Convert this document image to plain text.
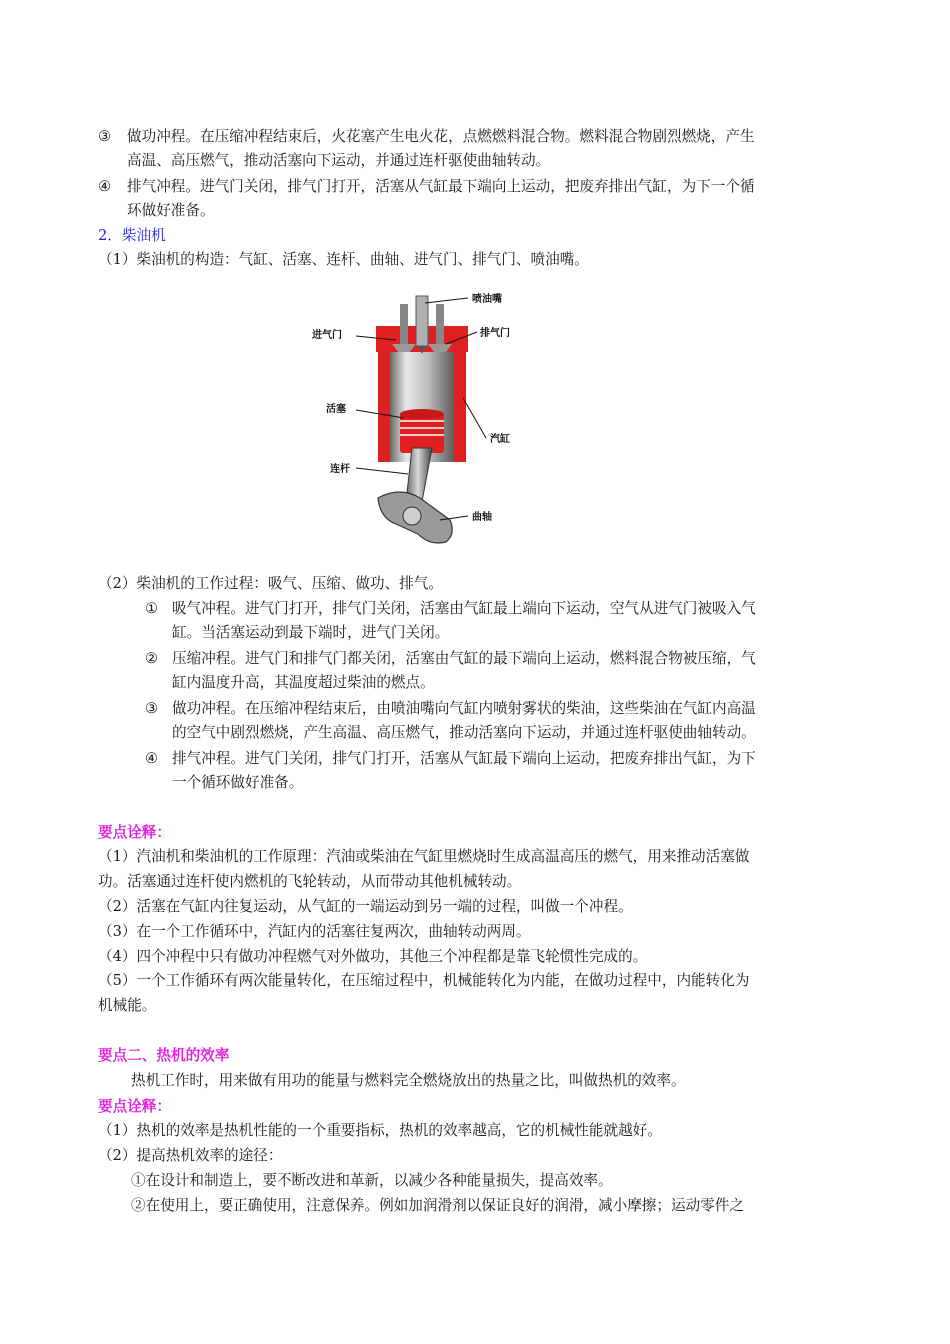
③ 做功冲程。在压缩冲程结束后，火花塞产生电火花，点燃燃料混合物。燃料混合物剧烈燃烧，产生
高温、高压燃气，推动活塞向下运动，并通过连杆驱使曲轴转动。
④ 排气冲程。进气门关闭，排气门打开，活塞从气缸最下端向上运动，把废弃排出气缸，为下一个循
环做好准备。
2．柴油机
（1）柴油机的构造：气缸、活塞、连杆、曲轴、进气门、排气门、喷油嘴。
喷油嘴
进气门	排气门
活塞
汽缸
连杆
曲轴
（2）柴油机的工作过程：吸气、压缩、做功、排气。
① 吸气冲程。进气门打开，排气门关闭，活塞由气缸最上端向下运动，空气从进气门被吸入气
缸。当活塞运动到最下端时，进气门关闭。
② 压缩冲程。进气门和排气门都关闭，活塞由气缸的最下端向上运动，燃料混合物被压缩，气
缸内温度升高，其温度超过柴油的燃点。
③ 做功冲程。在压缩冲程结束后，由喷油嘴向气缸内喷射雾状的柴油，这些柴油在气缸内高温
的空气中剧烈燃烧，产生高温、高压燃气，推动活塞向下运动，并通过连杆驱使曲轴转动。
④ 排气冲程。进气门关闭，排气门打开，活塞从气缸最下端向上运动，把废弃排出气缸，为下
一个循环做好准备。
要点诠释：
（1）汽油机和柴油机的工作原理：汽油或柴油在气缸里燃烧时生成高温高压的燃气，用来推动活塞做
功。活塞通过连杆使内燃机的飞轮转动，从而带动其他机械转动。
（2）活塞在气缸内往复运动，从气缸的一端运动到另一端的过程，叫做一个冲程。
（3）在一个工作循环中，汽缸内的活塞往复两次，曲轴转动两周。
（4）四个冲程中只有做功冲程燃气对外做功，其他三个冲程都是靠飞轮惯性完成的。
（5）一个工作循环有两次能量转化，在压缩过程中，机械能转化为内能，在做功过程中，内能转化为
机械能。
要点二、热机的效率
热机工作时，用来做有用功的能量与燃料完全燃烧放出的热量之比，叫做热机的效率。
要点诠释：
（1）热机的效率是热机性能的一个重要指标，热机的效率越高，它的机械性能就越好。
（2）提高热机效率的途径：
①在设计和制造上，要不断改进和革新，以减少各种能量损失，提高效率。
②在使用上，要正确使用，注意保养。例如加润滑剂以保证良好的润滑，减小摩擦；运动零件之
